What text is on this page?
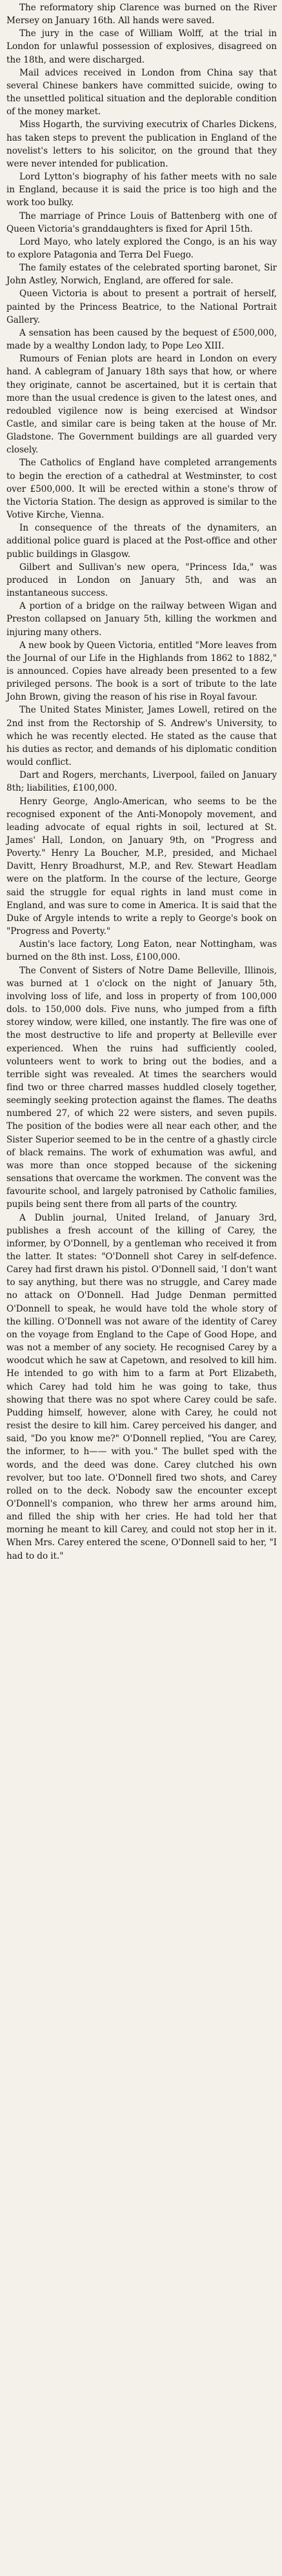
The reformatory ship Clarence was burned on the River Mersey on January 16th. All hands were saved.

The jury in the case of William Wolff, at the trial in London for unlawful possession of explosives, disagreed on the 18th, and were discharged.

Mail advices received in London from China say that several Chinese bankers have committed suicide, owing to the unsettled political situation and the deplorable condition of the money market.

Miss Hogarth, the surviving executrix of Charles Dickens, has taken steps to prevent the publication in England of the novelist's letters to his solicitor, on the ground that they were never intended for publication.

Lord Lytton's biography of his father meets with no sale in England, because it is said the price is too high and the work too bulky.

The marriage of Prince Louis of Battenberg with one of Queen Victoria's granddaughters is fixed for April 15th.

Lord Mayo, who lately explored the Congo, is an his way to explore Patagonia and Terra Del Fuego.

The family estates of the celebrated sporting baronet, Sir John Astley, Norwich, England, are offered for sale.

Queen Victoria is about to present a portrait of herself, painted by the Princess Beatrice, to the National Portrait Gallery.

A sensation has been caused by the bequest of £500,000, made by a wealthy London lady, to Pope Leo XIII.

Rumours of Fenian plots are heard in London on every hand. A cablegram of January 18th says that how, or where they originate, cannot be ascertained, but it is certain that more than the usual credence is given to the latest ones, and redoubled vigilence now is being exercised at Windsor Castle, and similar care is being taken at the house of Mr. Gladstone. The Government buildings are all guarded very closely.

The Catholics of England have completed arrangements to begin the erection of a cathedral at Westminster, to cost over £500,000. It will be erected within a stone's throw of the Victoria Station. The design as approved is similar to the Votive Kirche, Vienna.

In consequence of the threats of the dynamiters, an additional police guard is placed at the Post-office and other public buildings in Glasgow.

Gilbert and Sullivan's new opera, "Princess Ida," was produced in London on January 5th, and was an instantaneous success.

A portion of a bridge on the railway between Wigan and Preston collapsed on January 5th, killing the workmen and injuring many others.

A new book by Queen Victoria, entitled "More leaves from the Journal of our Life in the Highlands from 1862 to 1882," is announced. Copies have already been presented to a few privileged persons. The book is a sort of tribute to the late John Brown, giving the reason of his rise in Royal favour.

The United States Minister, James Lowell, retired on the 2nd inst from the Rectorship of S. Andrew's University, to which he was recently elected. He stated as the cause that his duties as rector, and demands of his diplomatic condition would conflict.

Dart and Rogers, merchants, Liverpool, failed on January 8th; liabilities, £100,000.

Henry George, Anglo-American, who seems to be the recognised exponent of the Anti-Monopoly movement, and leading advocate of equal rights in soil, lectured at St. James' Hall, London, on January 9th, on "Progress and Poverty." Henry La Boucher, M.P., presided, and Michael Davitt, Henry Broadhurst, M.P., and Rev. Stewart Headlam were on the platform. In the course of the lecture, George said the struggle for equal rights in land must come in England, and was sure to come in America. It is said that the Duke of Argyle intends to write a reply to George's book on "Progress and Poverty."

Austin's lace factory, Long Eaton, near Nottingham, was burned on the 8th inst. Loss, £100,000.

The Convent of Sisters of Notre Dame Belleville, Illinois, was burned at 1 o'clock on the night of January 5th, involving loss of life, and loss in property of from 100,000 dols. to 150,000 dols. Five nuns, who jumped from a fifth storey window, were killed, one instantly. The fire was one of the most destructive to life and property at Belleville ever experienced. When the ruins had sufficiently cooled, volunteers went to work to bring out the bodies, and a terrible sight was revealed. At times the searchers would find two or three charred masses huddled closely together, seemingly seeking protection against the flames. The deaths numbered 27, of which 22 were sisters, and seven pupils. The position of the bodies were all near each other, and the Sister Superior seemed to be in the centre of a ghastly circle of black remains. The work of exhumation was awful, and was more than once stopped because of the sickening sensations that overcame the workmen. The convent was the favourite school, and largely patronised by Catholic families, pupils being sent there from all parts of the country.

A Dublin journal, United Ireland, of January 3rd, publishes a fresh account of the killing of Carey, the informer, by O'Donnell, by a gentleman who received it from the latter. It states: "O'Donnell shot Carey in self-defence. Carey had first drawn his pistol. O'Donnell said, 'I don't want to say anything, but there was no struggle, and Carey made no attack on O'Donnell. Had Judge Denman permitted O'Donnell to speak, he would have told the whole story of the killing. O'Donnell was not aware of the identity of Carey on the voyage from England to the Cape of Good Hope, and was not a member of any society. He recognised Carey by a woodcut which he saw at Capetown, and resolved to kill him. He intended to go with him to a farm at Port Elizabeth, which Carey had told him he was going to take, thus showing that there was no spot where Carey could be safe. Pudding himself, however, alone with Carey, he could not resist the desire to kill him. Carey perceived his danger, and said, "Do you know me?" O'Donnell replied, "You are Carey, the informer, to h—— with you." The bullet sped with the words, and the deed was done. Carey clutched his own revolver, but too late. O'Donnell fired two shots, and Carey rolled on to the deck. Nobody saw the encounter except O'Donnell's companion, who threw her arms around him, and filled the ship with her cries. He had told her that morning he meant to kill Carey, and could not stop her in it. When Mrs. Carey entered the scene, O'Donnell said to her, "I had to do it."
